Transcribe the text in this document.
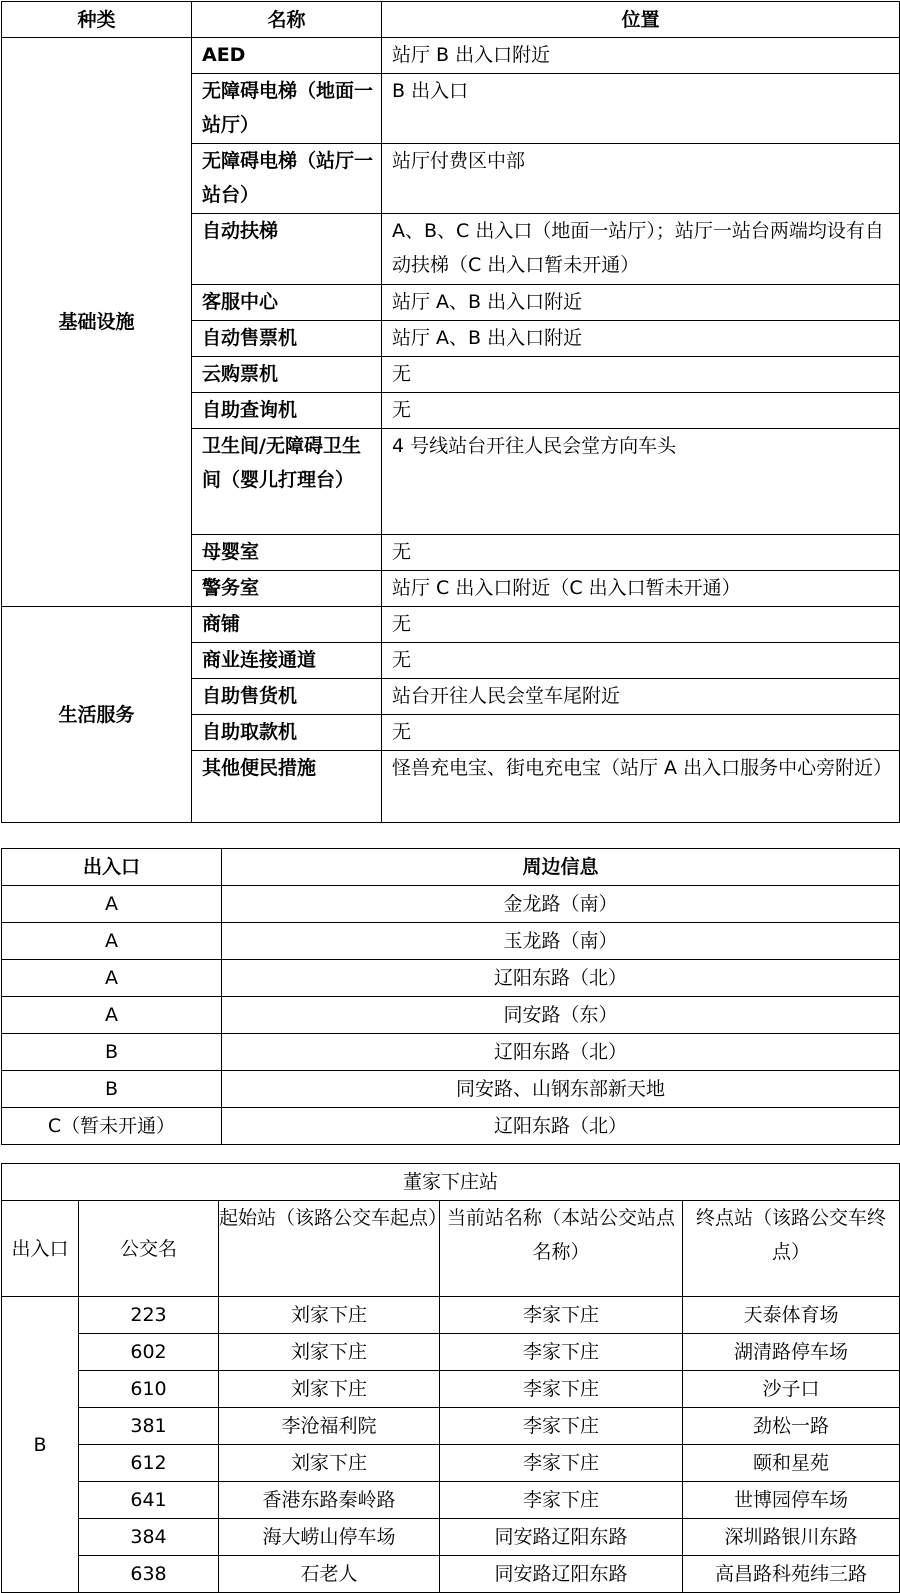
种类	名称	位置
基础设施	AED	站厅 B 出入口附近
	无障碍电梯（地面一站厅）	B 出入口
	无障碍电梯（站厅一站台）	站厅付费区中部
	自动扶梯	A、B、C 出入口（地面一站厅）；站厅一站台两端均设有自动扶梯（C 出入口暂未开通）
	客服中心	站厅 A、B 出入口附近
	自动售票机	站厅 A、B 出入口附近
	云购票机	无
	自助查询机	无
	卫生间/无障碍卫生间（婴儿打理台）	4 号线站台开往人民会堂方向车头
	母婴室	无
	警务室	站厅 C 出入口附近（C 出入口暂未开通）
生活服务	商铺	无
	商业连接通道	无
	自助售货机	站台开往人民会堂车尾附近
	自助取款机	无
	其他便民措施	怪兽充电宝、街电充电宝（站厅 A 出入口服务中心旁附近）
出入口	周边信息
A	金龙路（南）
A	玉龙路（南）
A	辽阳东路（北）
A	同安路（东）
B	辽阳东路（北）
B	同安路、山钢东部新天地
C（暂未开通）	辽阳东路（北）
董家下庄站				
出入口	公交名	起始站（该路公交车起点）	当前站名称（本站公交站点名称）	终点站（该路公交车终点）
B	223	刘家下庄	李家下庄	天泰体育场
	602	刘家下庄	李家下庄	湖清路停车场
	610	刘家下庄	李家下庄	沙子口
	381	李沧福利院	李家下庄	劲松一路
	612	刘家下庄	李家下庄	颐和星苑
	641	香港东路秦岭路	李家下庄	世博园停车场
	384	海大崂山停车场	同安路辽阳东路	深圳路银川东路
	638	石老人	同安路辽阳东路	高昌路科苑纬三路
